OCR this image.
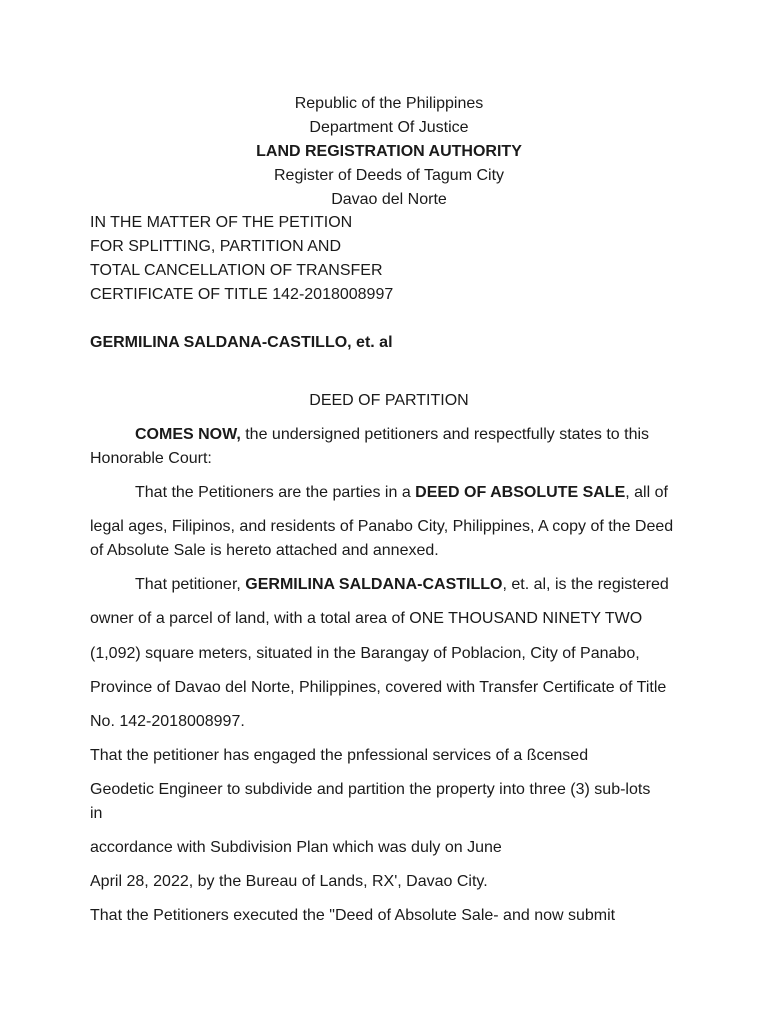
Republic of the Philippines
Department Of Justice
LAND REGISTRATION AUTHORITY
Register of Deeds of Tagum City
Davao del Norte
IN THE MATTER OF THE PETITION
FOR SPLITTING, PARTITION AND
TOTAL CANCELLATION OF TRANSFER
CERTIFICATE OF TITLE 142-2018008997
GERMILINA SALDANA-CASTILLO, et. al
DEED OF PARTITION
COMES NOW, the undersigned petitioners and respectfully states to this
Honorable Court:
That the Petitioners are the parties in a DEED OF ABSOLUTE SALE, all of
legal ages, Filipinos, and residents of Panabo City, Philippines, A copy of the Deed
of Absolute Sale is hereto attached and annexed.
That petitioner, GERMILINA SALDANA-CASTILLO, et. al, is the registered
owner of a parcel of land, with a total area of ONE THOUSAND NINETY TWO
(1,092) square meters, situated in the Barangay of Poblacion, City of Panabo,
Province of Davao del Norte, Philippines, covered with Transfer Certificate of Title
No. 142-2018008997.
That the petitioner has engaged the pnfessional services of a ßcensed
Geodetic Engineer to subdivide and partition the property into three (3) sub-lots
in
accordance with Subdivision Plan which was duly on June
April 28, 2022, by the Bureau of Lands, RX', Davao City.
That the Petitioners executed the "Deed of Absolute Sale- and now submit
